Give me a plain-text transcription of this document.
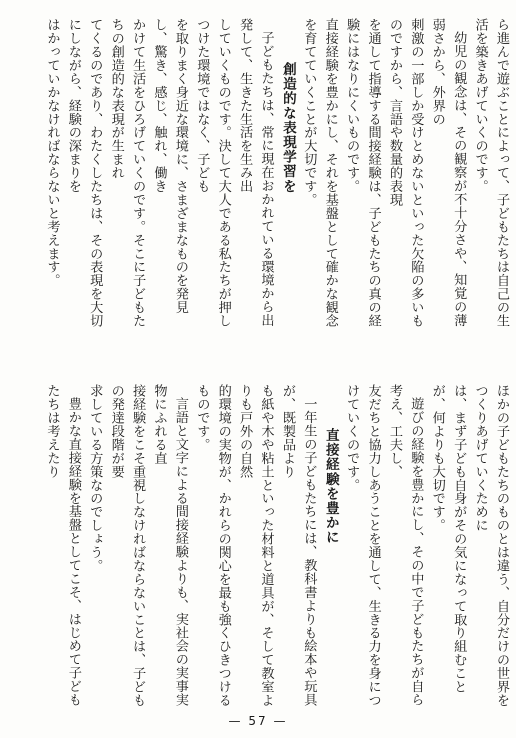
ら進んで遊ぶことによって、子どもたちは自己の生活を築きあげていくのです。

幼児の観念は、その観察が不十分さや、知覚の薄弱さから、外界の

刺激の一部しか受けとめないといった欠陥の多いものですから、言語や数量的表現

を通して指導する間接経験は、子どもたちの真の経験にはなりにくいものです。

直接経験を豊かにし、それを基盤として確かな観念を育てていくことが大切です。

創造的な表現学習を

子どもたちは、常に現在おかれている環境から出発して、生きた生活を生み出

していくものです。決して大人である私たちが押しつけた環境ではなく、子ども

を取りまく身近な環境に、さまざまなものを発見し、驚き、感じ、触れ、働き

かけて生活をひろげていくのです。そこに子どもたちの創造的な表現が生まれ

てくるのであり、わたくしたちは、その表現を大切にしながら、経験の深まりを

はかっていかなければならないと考えます。

ほかの子どもたちのものとは違う、自分だけの世界をつくりあげていくために

は、まず子ども自身がその気になって取り組むことが、何よりも大切です。

遊びの経験を豊かにし、その中で子どもたちが自ら考え、工夫し、

友だちと協力しあうことを通して、生きる力を身につけていくのです。

直接経験を豊かに

一年生の子どもたちには、教科書よりも絵本や玩具が、既製品より

も紙や木や粘土といった材料と道具が、そして教室よりも戸外の自然

的環境の実物が、かれらの関心を最も強くひきつけるものです。

言語と文字による間接経験よりも、実社会の実事実物にふれる直

接経験をこそ重視しなければならないことは、子どもの発達段階が要

求している方策なのでしょう。

豊かな直接経験を基盤としてこそ、はじめて子どもたちは考えたり

— 57 —
